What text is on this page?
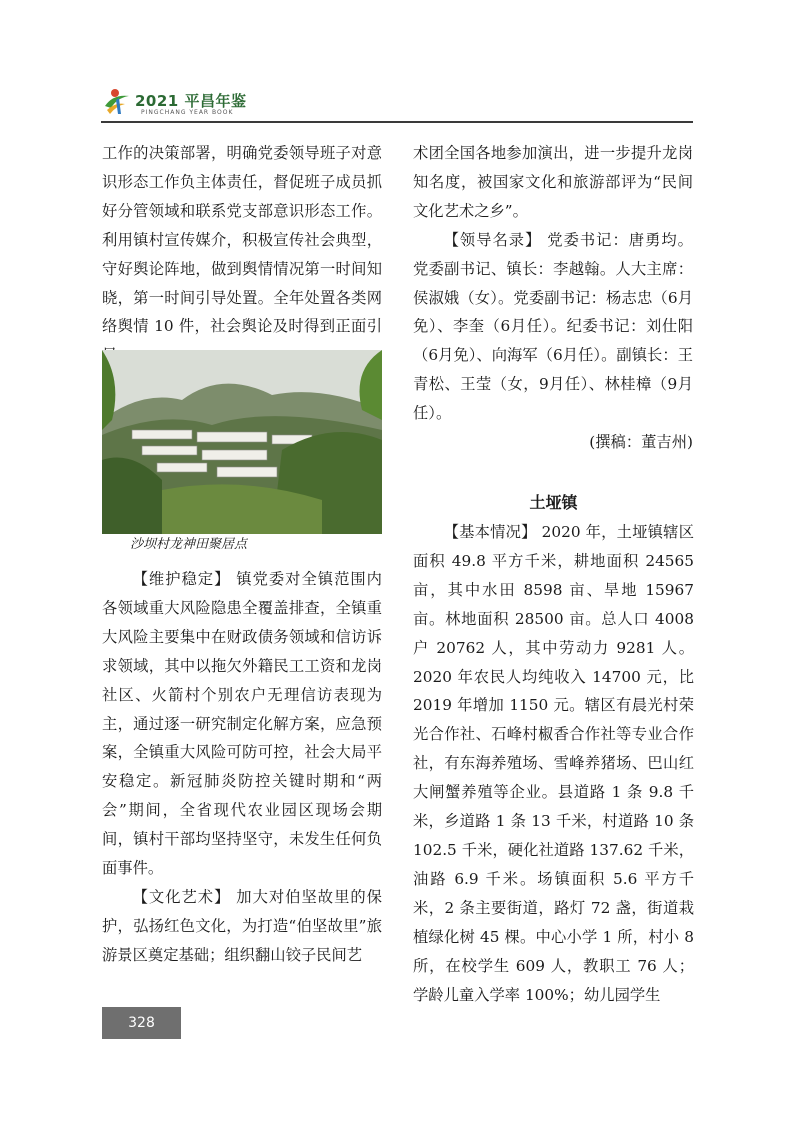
2021 平昌年鉴
PINGCHANG YEAR BOOK

工作的决策部署，明确党委领导班子对意识形态工作负主体责任，督促班子成员抓好分管领域和联系党支部意识形态工作。利用镇村宣传媒介，积极宣传社会典型，守好舆论阵地，做到舆情情况第一时间知晓，第一时间引导处置。全年处置各类网络舆情 10 件，社会舆论及时得到正面引

沙坝村龙神田聚居点

【维护稳定】 镇党委对全镇范围内各领域重大风险隐患全覆盖排查，全镇重大风险主要集中在财政债务领域和信访诉求领域，其中以拖欠外籍民工工资和龙岗社区、火箭村个别农户无理信访表现为主，通过逐一研究制定化解方案，应急预案，全镇重大风险可防可控，社会大局平安稳定。新冠肺炎防控关键时期和“两会”期间，全省现代农业园区现场会期间，镇村干部均坚持坚守，未发生任何负面事件。

【文化艺术】 加大对伯坚故里的保护，弘扬红色文化，为打造“伯坚故里”旅游景区奠定基础；组织翻山铰子民间艺

术团全国各地参加演出，进一步提升龙岗知名度，被国家文化和旅游部评为“民间文化艺术之乡”。

【领导名录】 党委书记：唐勇均。党委副书记、镇长：李越翰。人大主席：侯淑娥（女）。党委副书记：杨志忠（6月免）、李奎（6月任）。纪委书记：刘仕阳（6月免）、向海军（6月任）。副镇长：王青松、王莹（女，9月任）、林桂樟（9月任）。

(撰稿：董吉州)

土垭镇

【基本情况】 2020 年，土垭镇辖区面积 49.8 平方千米，耕地面积 24565 亩，其中水田 8598 亩、旱地 15967 亩。林地面积 28500 亩。总人口 4008 户 20762 人，其中劳动力 9281 人。2020 年农民人均纯收入 14700 元，比 2019 年增加 1150 元。辖区有晨光村荣光合作社、石峰村椒香合作社等专业合作社，有东海养殖场、雪峰养猪场、巴山红大闸蟹养殖等企业。县道路 1 条 9.8 千米，乡道路 1 条 13 千米，村道路 10 条 102.5 千米，硬化社道路 137.62 千米，油路 6.9 千米。场镇面积 5.6 平方千米，2 条主要街道，路灯 72 盏，街道栽植绿化树 45 棵。中心小学 1 所，村小 8 所，在校学生 609 人，教职工 76 人；学龄儿童入学率 100%；幼儿园学生

328
